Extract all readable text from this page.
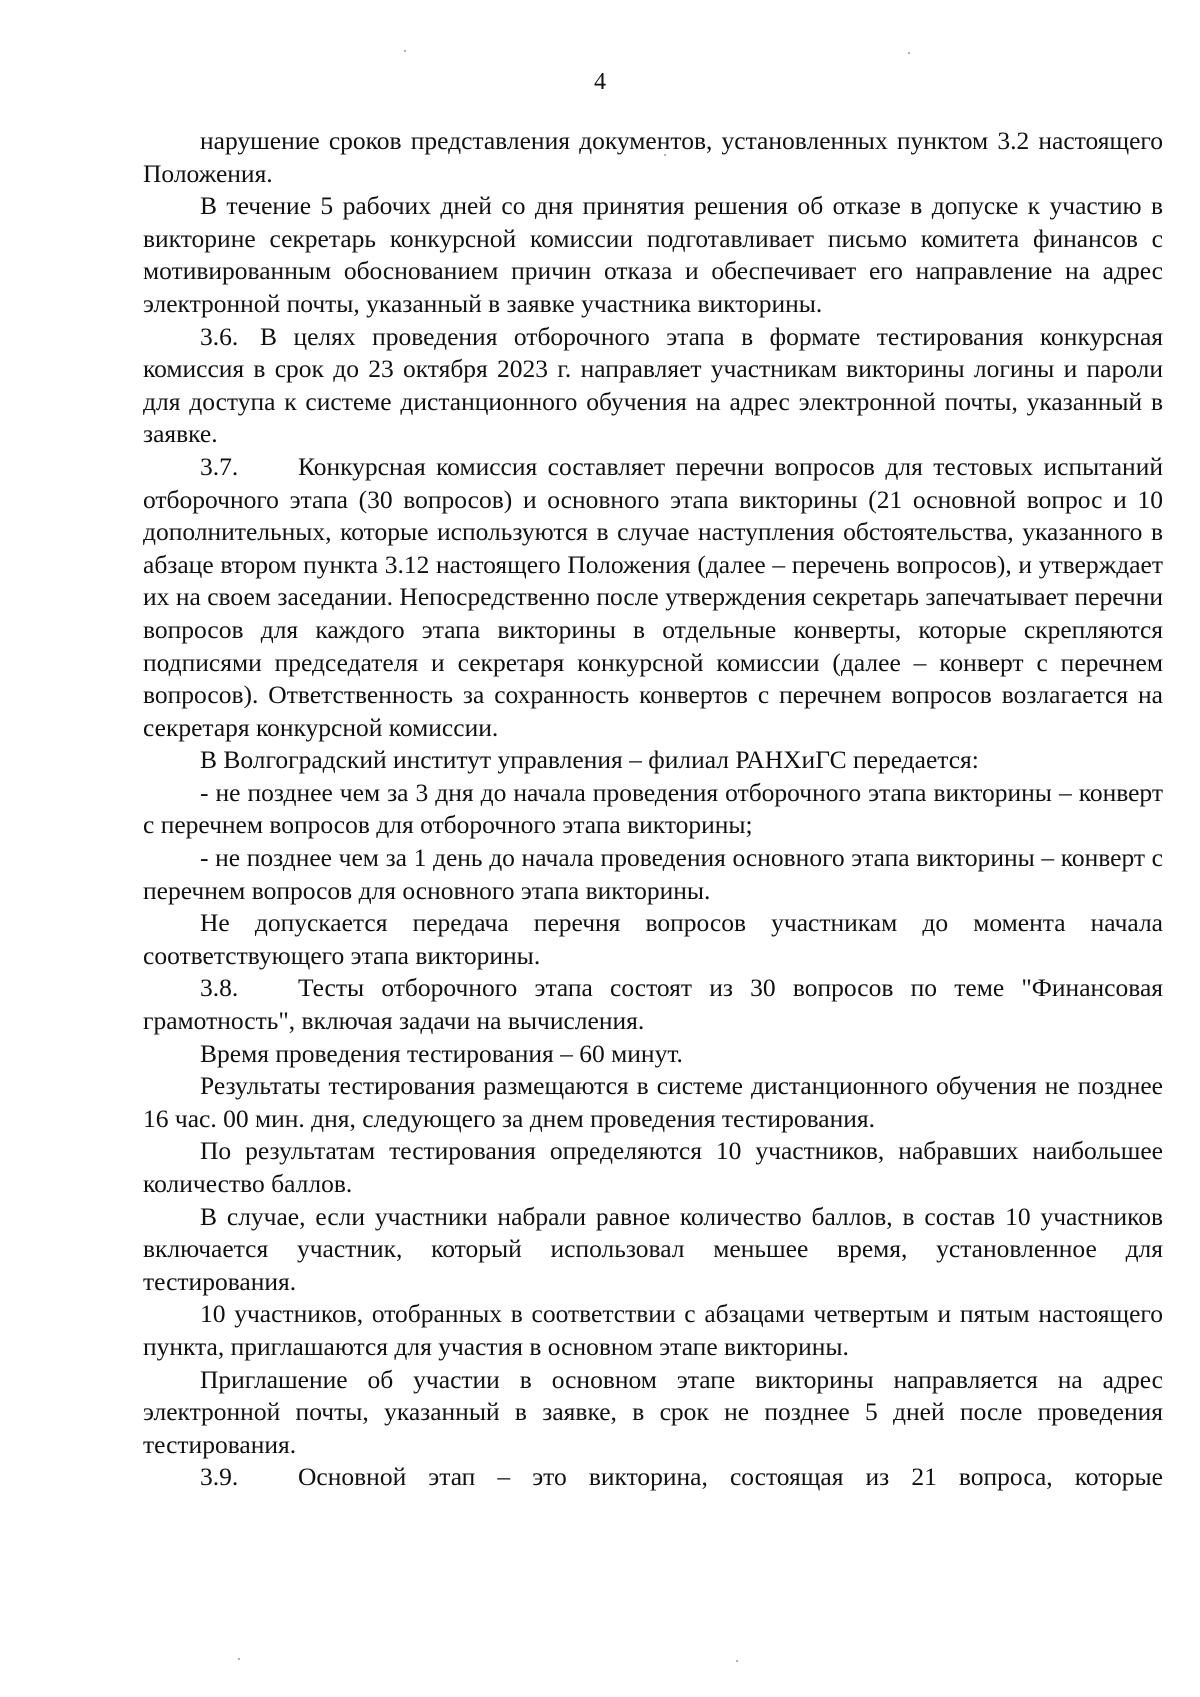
4

нарушение сроков представления документов, установленных пунктом 3.2 настоящего Положения.

В течение 5 рабочих дней со дня принятия решения об отказе в допуске к участию в викторине секретарь конкурсной комиссии подготавливает письмо комитета финансов с мотивированным обоснованием причин отказа и обеспечивает его направление на адрес электронной почты, указанный в заявке участника викторины.

3.6. В целях проведения отборочного этапа в формате тестирования конкурсная комиссия в срок до 23 октября 2023 г. направляет участникам викторины логины и пароли для доступа к системе дистанционного обучения на адрес электронной почты, указанный в заявке.

3.7. Конкурсная комиссия составляет перечни вопросов для тестовых испытаний отборочного этапа (30 вопросов) и основного этапа викторины (21 основной вопрос и 10 дополнительных, которые используются в случае наступления обстоятельства, указанного в абзаце втором пункта 3.12 настоящего Положения (далее – перечень вопросов), и утверждает их на своем заседании. Непосредственно после утверждения секретарь запечатывает перечни вопросов для каждого этапа викторины в отдельные конверты, которые скрепляются подписями председателя и секретаря конкурсной комиссии (далее – конверт с перечнем вопросов). Ответственность за сохранность конвертов с перечнем вопросов возлагается на секретаря конкурсной комиссии.

В Волгоградский институт управления – филиал РАНХиГС передается:

- не позднее чем за 3 дня до начала проведения отборочного этапа викторины – конверт с перечнем вопросов для отборочного этапа викторины;

- не позднее чем за 1 день до начала проведения основного этапа викторины – конверт с перечнем вопросов для основного этапа викторины.

Не допускается передача перечня вопросов участникам до момента начала соответствующего этапа викторины.

3.8. Тесты отборочного этапа состоят из 30 вопросов по теме "Финансовая грамотность", включая задачи на вычисления.

Время проведения тестирования – 60 минут.

Результаты тестирования размещаются в системе дистанционного обучения не позднее 16 час. 00 мин. дня, следующего за днем проведения тестирования.

По результатам тестирования определяются 10 участников, набравших наибольшее количество баллов.

В случае, если участники набрали равное количество баллов, в состав 10 участников включается участник, который использовал меньшее время, установленное для тестирования.

10 участников, отобранных в соответствии с абзацами четвертым и пятым настоящего пункта, приглашаются для участия в основном этапе викторины.

Приглашение об участии в основном этапе викторины направляется на адрес электронной почты, указанный в заявке, в срок не позднее 5 дней после проведения тестирования.

3.9. Основной этап – это викторина, состоящая из 21 вопроса, которые
